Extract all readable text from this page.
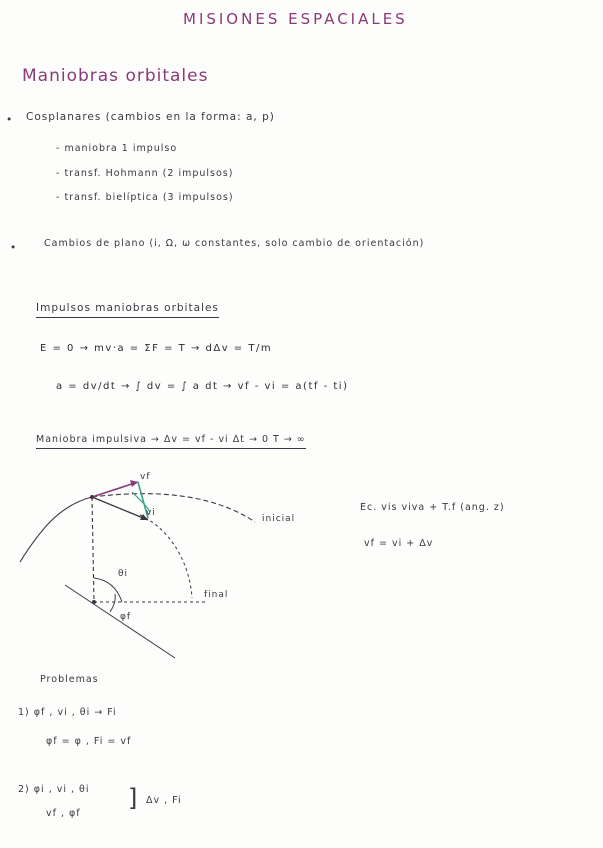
MISIONES ESPACIALES
Maniobras orbitales
• Cosplanares (cambios en la forma: a, p)
- maniobra 1 impulso
- transf. Hohmann (2 impulsos)
- transf. bielíptica (3 impulsos)
•	Cambios de plano (i, Ω, ω constantes, solo cambio de orientación)
Impulsos maniobras orbitales
E = 0 → mv·a = ΣF = T → dΔv = T/m
a = dv/dt → ∫ dv = ∫ a dt → vf - vi = a(tf - ti)
Maniobra impulsiva → Δv = vf - vi Δt → 0 T → ∞
vf
vi
inicial
final
θi
φf
Ec. vis viva + T.f (ang. z)
vf = vi + Δv
Problemas
1) φf , vi , θi → Fi
φf = φ , Fi = vf
2) φi , vi , θi
vf , φf
] Δv , Fi
